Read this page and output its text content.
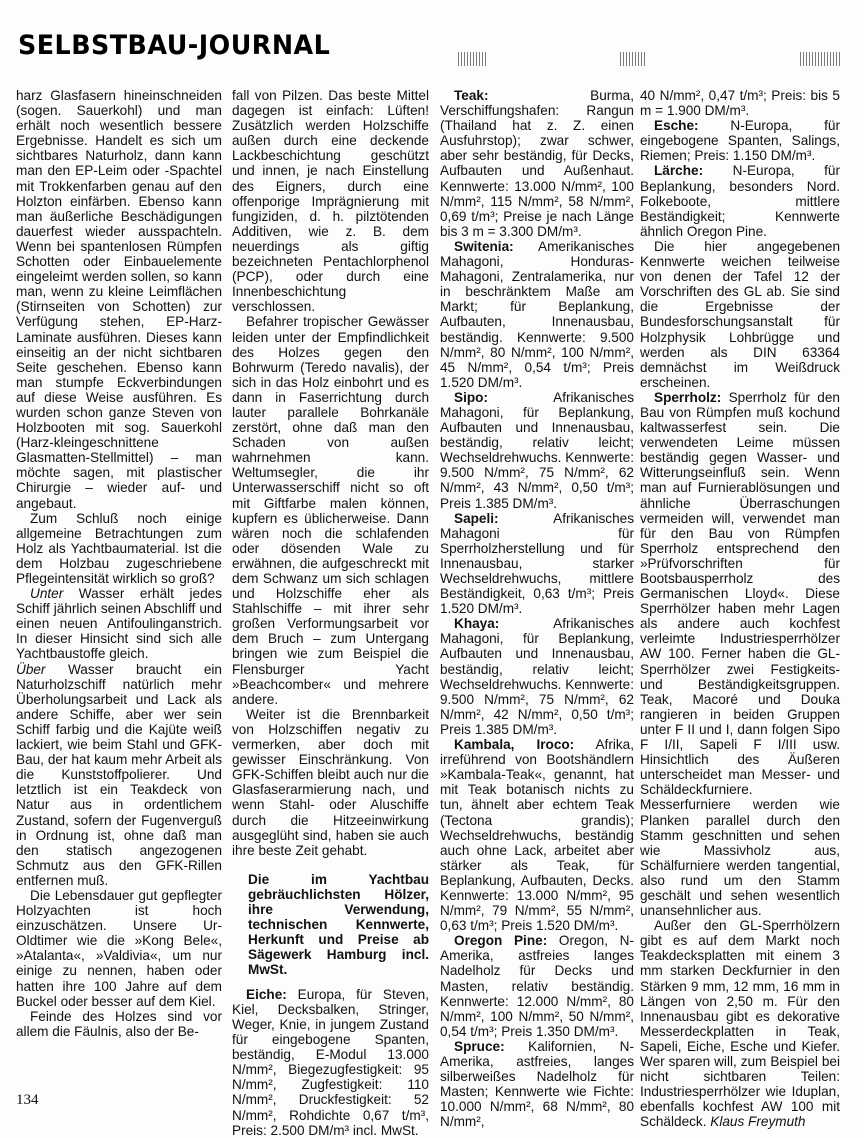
SELBSTBAU-JOURNAL

harz Glasfasern hineinschneiden (sogen. Sauerkohl) und man erhält noch wesentlich bessere Ergebnisse. Handelt es sich um sichtbares Naturholz, dann kann man den EP-Leim oder -Spachtel mit Trokkenfarben genau auf den Holzton einfärben. Ebenso kann man äußerliche Beschädigungen dauerfest wieder ausspachteln. Wenn bei spantenlosen Rümpfen Schotten oder Einbauelemente eingeleimt werden sollen, so kann man, wenn zu kleine Leimflächen (Stirnseiten von Schotten) zur Verfügung stehen, EP-Harz-Laminate ausführen. Dieses kann einseitig an der nicht sichtbaren Seite geschehen. Ebenso kann man stumpfe Eckverbindungen auf diese Weise ausführen. Es wurden schon ganze Steven von Holzbooten mit sog. Sauerkohl (Harz-kleingeschnittene Glasmatten-Stellmittel) – man möchte sagen, mit plastischer Chirurgie – wieder auf- und angebaut.

Zum Schluß noch einige allgemeine Betrachtungen zum Holz als Yachtbaumaterial. Ist die dem Holzbau zugeschriebene Pflegeintensität wirklich so groß?

Unter Wasser erhält jedes Schiff jährlich seinen Abschliff und einen neuen Antifoulinganstrich. In dieser Hinsicht sind sich alle Yachtbaustoffe gleich.

Über Wasser braucht ein Naturholzschiff natürlich mehr Überholungsarbeit und Lack als andere Schiffe, aber wer sein Schiff farbig und die Kajüte weiß lackiert, wie beim Stahl und GFK-Bau, der hat kaum mehr Arbeit als die Kunststoffpolierer. Und letztlich ist ein Teakdeck von Natur aus in ordentlichem Zustand, sofern der Fugenverguß in Ordnung ist, ohne daß man den statisch angezogenen Schmutz aus den GFK-Rillen entfernen muß.

Die Lebensdauer gut gepflegter Holzyachten ist hoch einzuschätzen. Unsere Ur-Oldtimer wie die »Kong Bele«, »Atalanta«, »Valdivia«, um nur einige zu nennen, haben oder hatten ihre 100 Jahre auf dem Buckel oder besser auf dem Kiel.

Feinde des Holzes sind vor allem die Fäulnis, also der Be-

fall von Pilzen. Das beste Mittel dagegen ist einfach: Lüften! Zusätzlich werden Holzschiffe außen durch eine deckende Lackbeschichtung geschützt und innen, je nach Einstellung des Eigners, durch eine offenporige Imprägnierung mit fungiziden, d. h. pilztötenden Additiven, wie z. B. dem neuerdings als giftig bezeichneten Pentachlorphenol (PCP), oder durch eine Innenbeschichtung verschlossen.

Befahrer tropischer Gewässer leiden unter der Empfindlichkeit des Holzes gegen den Bohrwurm (Teredo navalis), der sich in das Holz einbohrt und es dann in Faserrichtung durch lauter parallele Bohrkanäle zerstört, ohne daß man den Schaden von außen wahrnehmen kann. Weltumsegler, die ihr Unterwasserschiff nicht so oft mit Giftfarbe malen können, kupfern es üblicherweise. Dann wären noch die schlafenden oder dösenden Wale zu erwähnen, die aufgeschreckt mit dem Schwanz um sich schlagen und Holzschiffe eher als Stahlschiffe – mit ihrer sehr großen Verformungsarbeit vor dem Bruch – zum Untergang bringen wie zum Beispiel die Flensburger Yacht »Beachcomber« und mehrere andere.

Weiter ist die Brennbarkeit von Holzschiffen negativ zu vermerken, aber doch mit gewisser Einschränkung. Von GFK-Schiffen bleibt auch nur die Glasfaserarmierung nach, und wenn Stahl- oder Aluschiffe durch die Hitzeeinwirkung ausgeglüht sind, haben sie auch ihre beste Zeit gehabt.

Die im Yachtbau gebräuchlichsten Hölzer, ihre Verwendung, technischen Kennwerte, Herkunft und Preise ab Sägewerk Hamburg incl. MwSt.

Eiche: Europa, für Steven, Kiel, Decksbalken, Stringer, Weger, Knie, in jungem Zustand für eingebogene Spanten, beständig, E-Modul 13.000 N/mm², Biegezugfestigkeit: 95 N/mm², Zugfestigkeit: 110 N/mm², Druckfestigkeit: 52 N/mm², Rohdichte 0,67 t/m³, Preis: 2.500 DM/m³ incl. MwSt.

Teak: Burma, Verschiffungshafen: Rangun (Thailand hat z. Z. einen Ausfuhrstop); zwar schwer, aber sehr beständig, für Decks, Aufbauten und Außenhaut. Kennwerte: 13.000 N/mm², 100 N/mm², 115 N/mm², 58 N/mm², 0,69 t/m³; Preise je nach Länge bis 3 m = 3.300 DM/m³.

Switenia: Amerikanisches Mahagoni, Honduras-Mahagoni, Zentralamerika, nur in beschränktem Maße am Markt; für Beplankung, Aufbauten, Innenausbau, beständig. Kennwerte: 9.500 N/mm², 80 N/mm², 100 N/mm², 45 N/mm², 0,54 t/m³; Preis 1.520 DM/m³.

Sipo: Afrikanisches Mahagoni, für Beplankung, Aufbauten und Innenausbau, beständig, relativ leicht; Wechseldrehwuchs. Kennwerte: 9.500 N/mm², 75 N/mm², 62 N/mm², 43 N/mm², 0,50 t/m³; Preis 1.385 DM/m³.

Sapeli: Afrikanisches Mahagoni für Sperrholzherstellung und für Innenausbau, starker Wechseldrehwuchs, mittlere Beständigkeit, 0,63 t/m³; Preis 1.520 DM/m³.

Khaya: Afrikanisches Mahagoni, für Beplankung, Aufbauten und Innenausbau, beständig, relativ leicht; Wechseldrehwuchs. Kennwerte: 9.500 N/mm², 75 N/mm², 62 N/mm², 42 N/mm², 0,50 t/m³; Preis 1.385 DM/m³.

Kambala, Iroco: Afrika, irreführend von Bootshändlern »Kambala-Teak«, genannt, hat mit Teak botanisch nichts zu tun, ähnelt aber echtem Teak (Tectona grandis); Wechseldrehwuchs, beständig auch ohne Lack, arbeitet aber stärker als Teak, für Beplankung, Aufbauten, Decks. Kennwerte: 13.000 N/mm², 95 N/mm², 79 N/mm², 55 N/mm², 0,63 t/m³; Preis 1.520 DM/m³.

Oregon Pine: Oregon, N-Amerika, astfreies langes Nadelholz für Decks und Masten, relativ beständig. Kennwerte: 12.000 N/mm², 80 N/mm², 100 N/mm², 50 N/mm², 0,54 t/m³; Preis 1.350 DM/m³.

Spruce: Kalifornien, N-Amerika, astfreies, langes silberweißes Nadelholz für Masten; Kennwerte wie Fichte: 10.000 N/mm², 68 N/mm², 80 N/mm²,

40 N/mm², 0,47 t/m³; Preis: bis 5 m = 1.900 DM/m³.

Esche: N-Europa, für eingebogene Spanten, Salings, Riemen; Preis: 1.150 DM/m³.

Lärche: N-Europa, für Beplankung, besonders Nord. Folkeboote, mittlere Beständigkeit; Kennwerte ähnlich Oregon Pine.

Die hier angegebenen Kennwerte weichen teilweise von denen der Tafel 12 der Vorschriften des GL ab. Sie sind die Ergebnisse der Bundesforschungsanstalt für Holzphysik Lohbrügge und werden als DIN 63364 demnächst im Weißdruck erscheinen.

Sperrholz: Sperrholz für den Bau von Rümpfen muß kochund kaltwasserfest sein. Die verwendeten Leime müssen beständig gegen Wasser- und Witterungseinfluß sein. Wenn man auf Furnierablösungen und ähnliche Überraschungen vermeiden will, verwendet man für den Bau von Rümpfen Sperrholz entsprechend den »Prüfvorschriften für Bootsbausperrholz des Germanischen Lloyd«. Diese Sperrhölzer haben mehr Lagen als andere auch kochfest verleimte Industriesperrhölzer AW 100. Ferner haben die GL-Sperrhölzer zwei Festigkeits- und Beständigkeitsgruppen. Teak, Macoré und Douka rangieren in beiden Gruppen unter F II und I, dann folgen Sipo F I/II, Sapeli F I/III usw. Hinsichtlich des Äußeren unterscheidet man Messer- und Schäldeckfurniere. Messerfurniere werden wie Planken parallel durch den Stamm geschnitten und sehen wie Massivholz aus, Schälfurniere werden tangential, also rund um den Stamm geschält und sehen wesentlich unansehnlicher aus.

Außer den GL-Sperrhölzern gibt es auf dem Markt noch Teakdecksplatten mit einem 3 mm starken Deckfurnier in den Stärken 9 mm, 12 mm, 16 mm in Längen von 2,50 m. Für den Innenausbau gibt es dekorative Messerdeckplatten in Teak, Sapeli, Eiche, Esche und Kiefer. Wer sparen will, zum Beispiel bei nicht sichtbaren Teilen: Industriesperrhölzer wie Iduplan, ebenfalls kochfest AW 100 mit Schäldeck. Klaus Freymuth

134
